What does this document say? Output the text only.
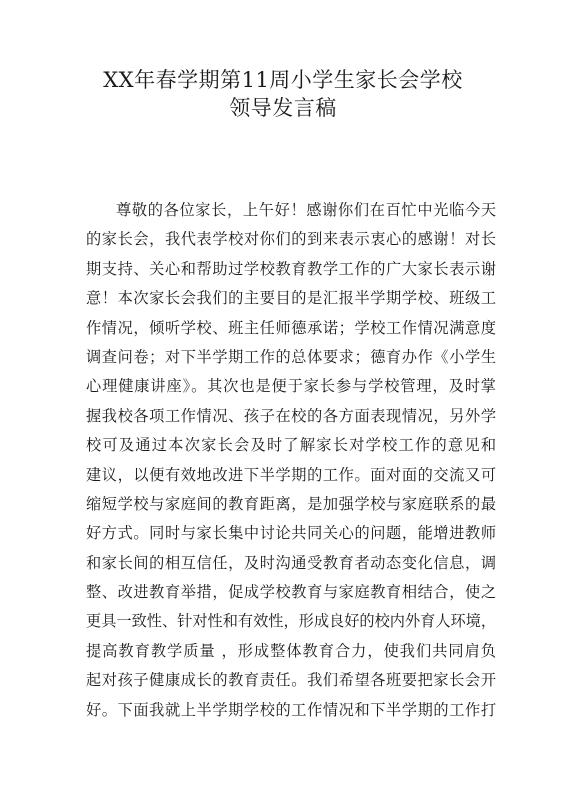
XX年春学期第11周小学生家长会学校
领导发言稿
尊敬的各位家长，上午好！感谢你们在百忙中光临今天
的家长会，我代表学校对你们的到来表示衷心的感谢！对长
期支持、关心和帮助过学校教育教学工作的广大家长表示谢
意！本次家长会我们的主要目的是汇报半学期学校、班级工
作情况，倾听学校、班主任师德承诺；学校工作情况满意度
调查问卷；对下半学期工作的总体要求；德育办作《小学生
心理健康讲座》。其次也是便于家长参与学校管理，及时掌
握我校各项工作情况、孩子在校的各方面表现情况，另外学
校可及通过本次家长会及时了解家长对学校工作的意见和
建议，以便有效地改进下半学期的工作。面对面的交流又可
缩短学校与家庭间的教育距离，是加强学校与家庭联系的最
好方式。同时与家长集中讨论共同关心的问题，能增进教师
和家长间的相互信任，及时沟通受教育者动态变化信息，调
整、改进教育举措，促成学校教育与家庭教育相结合，使之
更具一致性、针对性和有效性，形成良好的校内外育人环境，
提高教育教学质量 ，形成整体教育合力，使我们共同肩负
起对孩子健康成长的教育责任。我们希望各班要把家长会开
好。下面我就上半学期学校的工作情况和下半学期的工作打
